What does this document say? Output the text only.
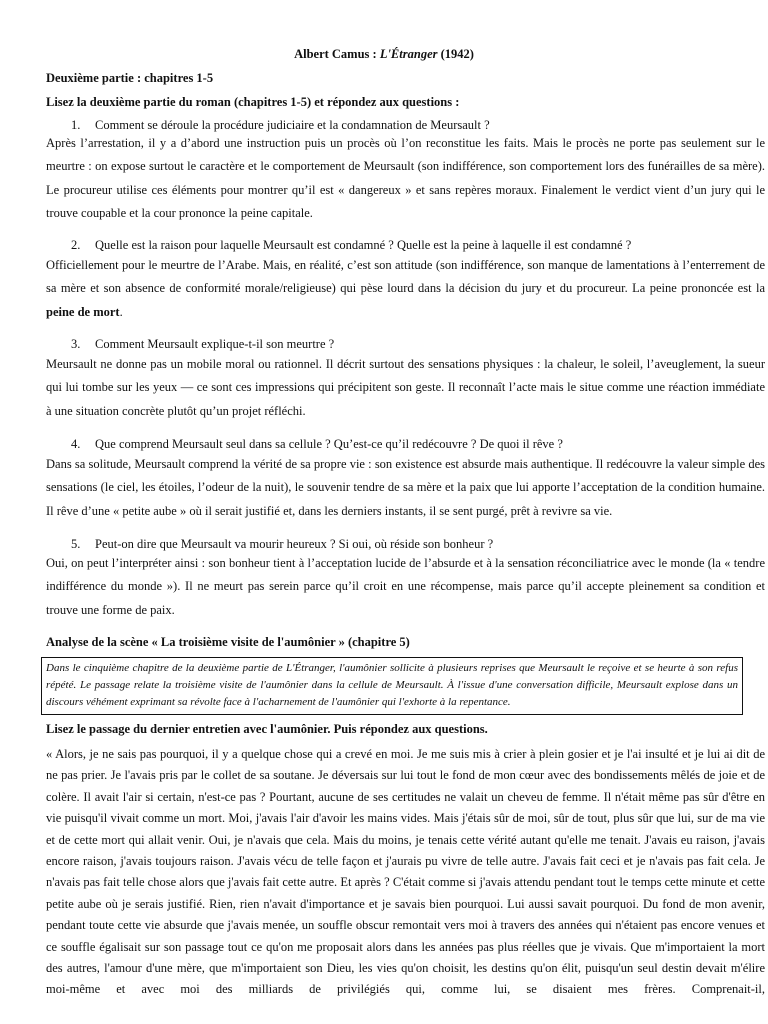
Albert Camus : L'Étranger (1942)
Deuxième partie : chapitres 1-5
Lisez la deuxième partie du roman (chapitres 1-5) et répondez aux questions :
1. Comment se déroule la procédure judiciaire et la condamnation de Meursault ?
Après l’arrestation, il y a d’abord une instruction puis un procès où l’on reconstitue les faits. Mais le procès ne porte pas seulement sur le meurtre : on expose surtout le caractère et le comportement de Meursault (son indifférence, son comportement lors des funérailles de sa mère). Le procureur utilise ces éléments pour montrer qu’il est « dangereux » et sans repères moraux. Finalement le verdict vient d’un jury qui le trouve coupable et la cour prononce la peine capitale.
2. Quelle est la raison pour laquelle Meursault est condamné ? Quelle est la peine à laquelle il est condamné ?
Officiellement pour le meurtre de l’Arabe. Mais, en réalité, c’est son attitude (son indifférence, son manque de lamentations à l’enterrement de sa mère et son absence de conformité morale/religieuse) qui pèse lourd dans la décision du jury et du procureur. La peine prononcée est la peine de mort.
3. Comment Meursault explique-t-il son meurtre ?
Meursault ne donne pas un mobile moral ou rationnel. Il décrit surtout des sensations physiques : la chaleur, le soleil, l’aveuglement, la sueur qui lui tombe sur les yeux — ce sont ces impressions qui précipitent son geste. Il reconnaît l’acte mais le situe comme une réaction immédiate à une situation concrète plutôt qu’un projet réfléchi.
4. Que comprend Meursault seul dans sa cellule ? Qu’est-ce qu’il redécouvre ? De quoi il rêve ?
Dans sa solitude, Meursault comprend la vérité de sa propre vie : son existence est absurde mais authentique. Il redécouvre la valeur simple des sensations (le ciel, les étoiles, l’odeur de la nuit), le souvenir tendre de sa mère et la paix que lui apporte l’acceptation de la condition humaine. Il rêve d’une « petite aube » où il serait justifié et, dans les derniers instants, il se sent purgé, prêt à revivre sa vie.
5. Peut-on dire que Meursault va mourir heureux ? Si oui, où réside son bonheur ?
Oui, on peut l’interpréter ainsi : son bonheur tient à l’acceptation lucide de l’absurde et à la sensation réconciliatrice avec le monde (la « tendre indifférence du monde »). Il ne meurt pas serein parce qu’il croit en une récompense, mais parce qu’il accepte pleinement sa condition et trouve une forme de paix.
Analyse de la scène « La troisième visite de l'aumônier » (chapitre 5)

Dans le cinquième chapitre de la deuxième partie de L'Étranger, l'aumônier sollicite à plusieurs reprises que Meursault le reçoive et se heurte à son refus répété. Le passage relate la troisième visite de l'aumônier dans la cellule de Meursault. À l'issue d'une conversation difficile, Meursault explose dans un discours véhément exprimant sa révolte face à l'acharnement de l'aumônier qui l'exhorte à la repentance.

Lisez le passage du dernier entretien avec l'aumônier. Puis répondez aux questions.
« Alors, je ne sais pas pourquoi, il y a quelque chose qui a crevé en moi. Je me suis mis à crier à plein gosier et je l'ai insulté et je lui ai dit de ne pas prier. Je l'avais pris par le collet de sa soutane. Je déversais sur lui tout le fond de mon cœur avec des bondissements mêlés de joie et de colère. Il avait l'air si certain, n'est-ce pas ? Pourtant, aucune de ses certitudes ne valait un cheveu de femme. Il n'était même pas sûr d'être en vie puisqu'il vivait comme un mort. Moi, j'avais l'air d'avoir les mains vides. Mais j'étais sûr de moi, sûr de tout, plus sûr que lui, sur de ma vie et de cette mort qui allait venir. Oui, je n'avais que cela. Mais du moins, je tenais cette vérité autant qu'elle me tenait. J'avais eu raison, j'avais encore raison, j'avais toujours raison. J'avais vécu de telle façon et j'aurais pu vivre de telle autre. J'avais fait ceci et je n'avais pas fait cela. Je n'avais pas fait telle chose alors que j'avais fait cette autre. Et après ? C'était comme si j'avais attendu pendant tout le temps cette minute et cette petite aube où je serais justifié. Rien, rien n'avait d'importance et je savais bien pourquoi. Lui aussi savait pourquoi. Du fond de mon avenir, pendant toute cette vie absurde que j'avais menée, un souffle obscur remontait vers moi à travers des années qui n'étaient pas encore venues et ce souffle égalisait sur son passage tout ce qu'on me proposait alors dans les années pas plus réelles que je vivais. Que m'importaient la mort des autres, l'amour d'une mère, que m'importaient son Dieu, les vies qu'on choisit, les destins qu'on élit, puisqu'un seul destin devait m'élire moi-même et avec moi des milliards de privilégiés qui, comme lui, se disaient mes frères. Comprenait-il,
